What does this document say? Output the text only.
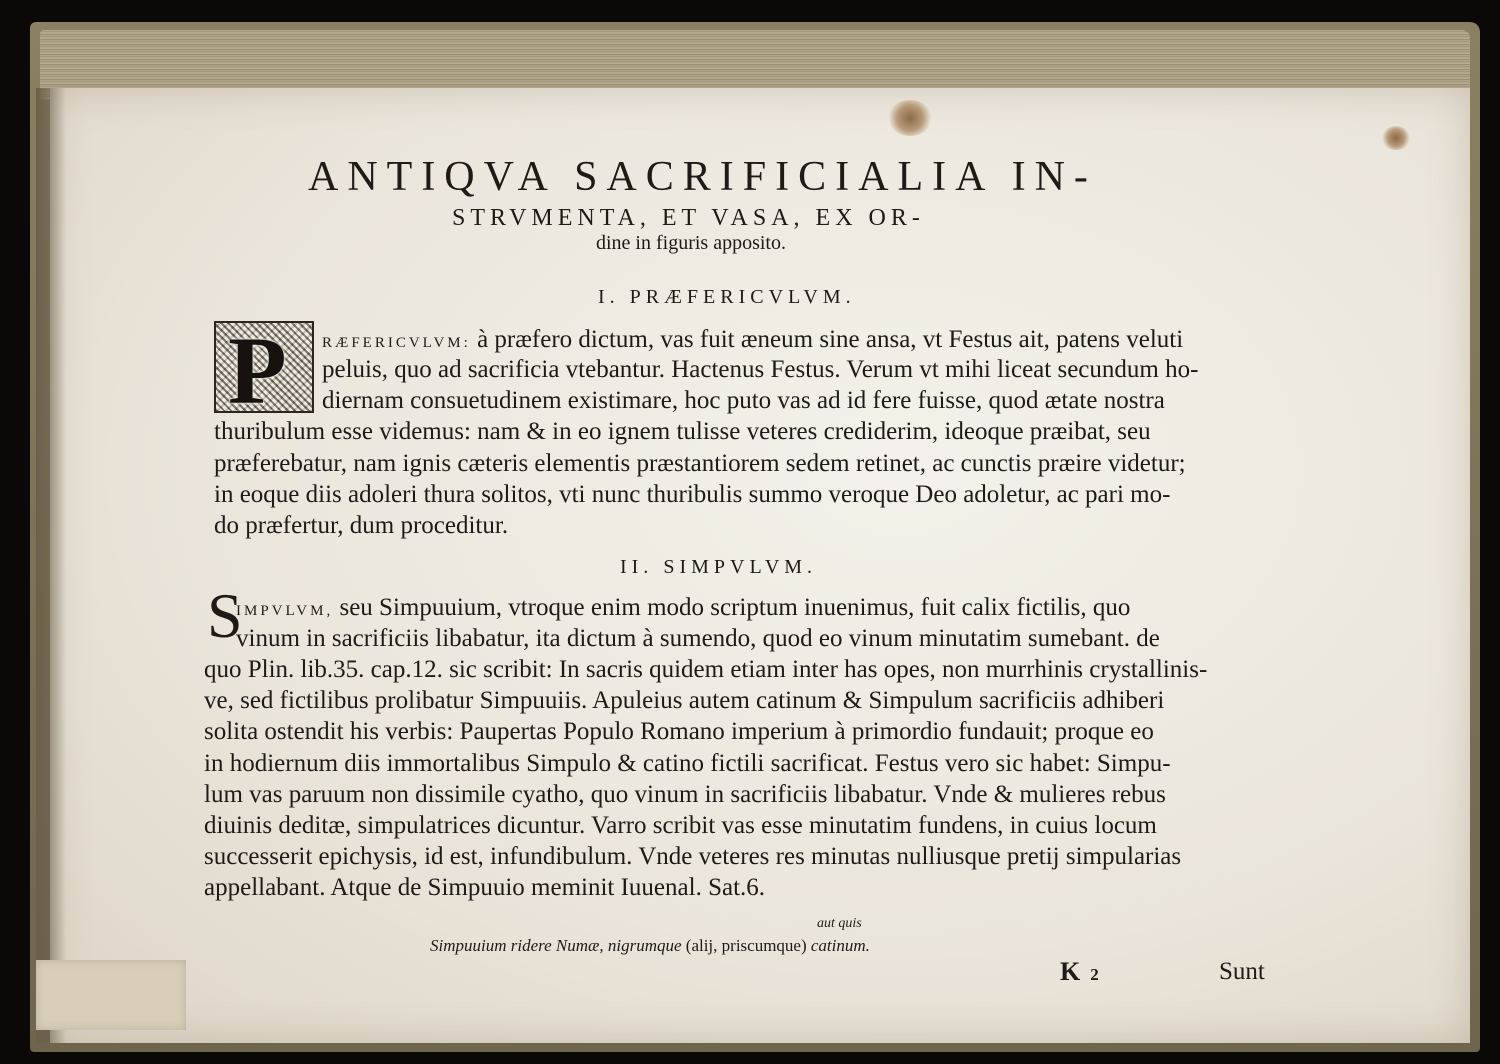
ANTIQVA SACRIFICIALIA IN-
STRVMENTA, ET VASA, EX OR-
dine in figuris apposito.
I. PRÆFERICVLVM.
P RÆFERICVLVM: à præfero dictum, vas fuit æneum sine ansa, vt Festus ait, patens veluti
peluis, quo ad sacrificia vtebantur. Hactenus Festus. Verum vt mihi liceat secundum ho-
diernam consuetudinem existimare, hoc puto vas ad id fere fuisse, quod ætate nostra
thuribulum esse videmus: nam & in eo ignem tulisse veteres crediderim, ideoque præibat, seu
præferebatur, nam ignis cæteris elementis præstantiorem sedem retinet, ac cunctis præire videtur;
in eoque diis adoleri thura solitos, vti nunc thuribulis summo veroque Deo adoletur, ac pari mo-
do præfertur, dum proceditur.
II. SIMPVLVM.
S
IMPVLVM, seu Simpuuium, vtroque enim modo scriptum inuenimus, fuit calix fictilis, quo
vinum in sacrificiis libabatur, ita dictum à sumendo, quod eo vinum minutatim sumebant. de
quo Plin. lib.35. cap.12. sic scribit: In sacris quidem etiam inter has opes, non murrhinis crystallinis-
ve, sed fictilibus prolibatur Simpuuiis. Apuleius autem catinum & Simpulum sacrificiis adhiberi
solita ostendit his verbis: Paupertas Populo Romano imperium à primordio fundauit; proque eo
in hodiernum diis immortalibus Simpulo & catino fictili sacrificat. Festus vero sic habet: Simpu-
lum vas paruum non dissimile cyatho, quo vinum in sacrificiis libabatur. Vnde & mulieres rebus
diuinis deditæ, simpulatrices dicuntur. Varro scribit vas esse minutatim fundens, in cuius locum
successerit epichysis, id est, infundibulum. Vnde veteres res minutas nulliusque pretij simpularias
appellabant. Atque de Simpuuio meminit Iuuenal. Sat.6.
aut quis
Simpuuium ridere Numæ, nigrumque (alij, priscumque) catinum.
K 2	Sunt
